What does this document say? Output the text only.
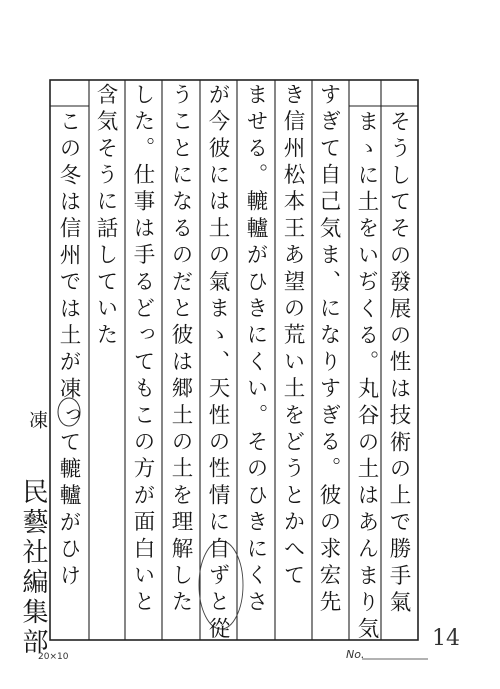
そうしてその發展の性は技術の上で勝手氣
まゝに土をいぢくる。丸谷の土はあんまり気
すぎて自己気ま、になりすぎる。彼の求宏先
き信州松本王あ望の荒い土をどうとかへて
ませる。轆轤がひきにくい。そのひきにくさ
が今彼には土の氣まゝ、天性の性情に自ずと從
うことになるのだと彼は郷土の土を理解した
した。仕事は手るどってもこの方が面白いと
含気そうに話していた
この冬は信州では土が凍って轆轤がひけ
凍
民藝社編集部
20×10	No.
14
